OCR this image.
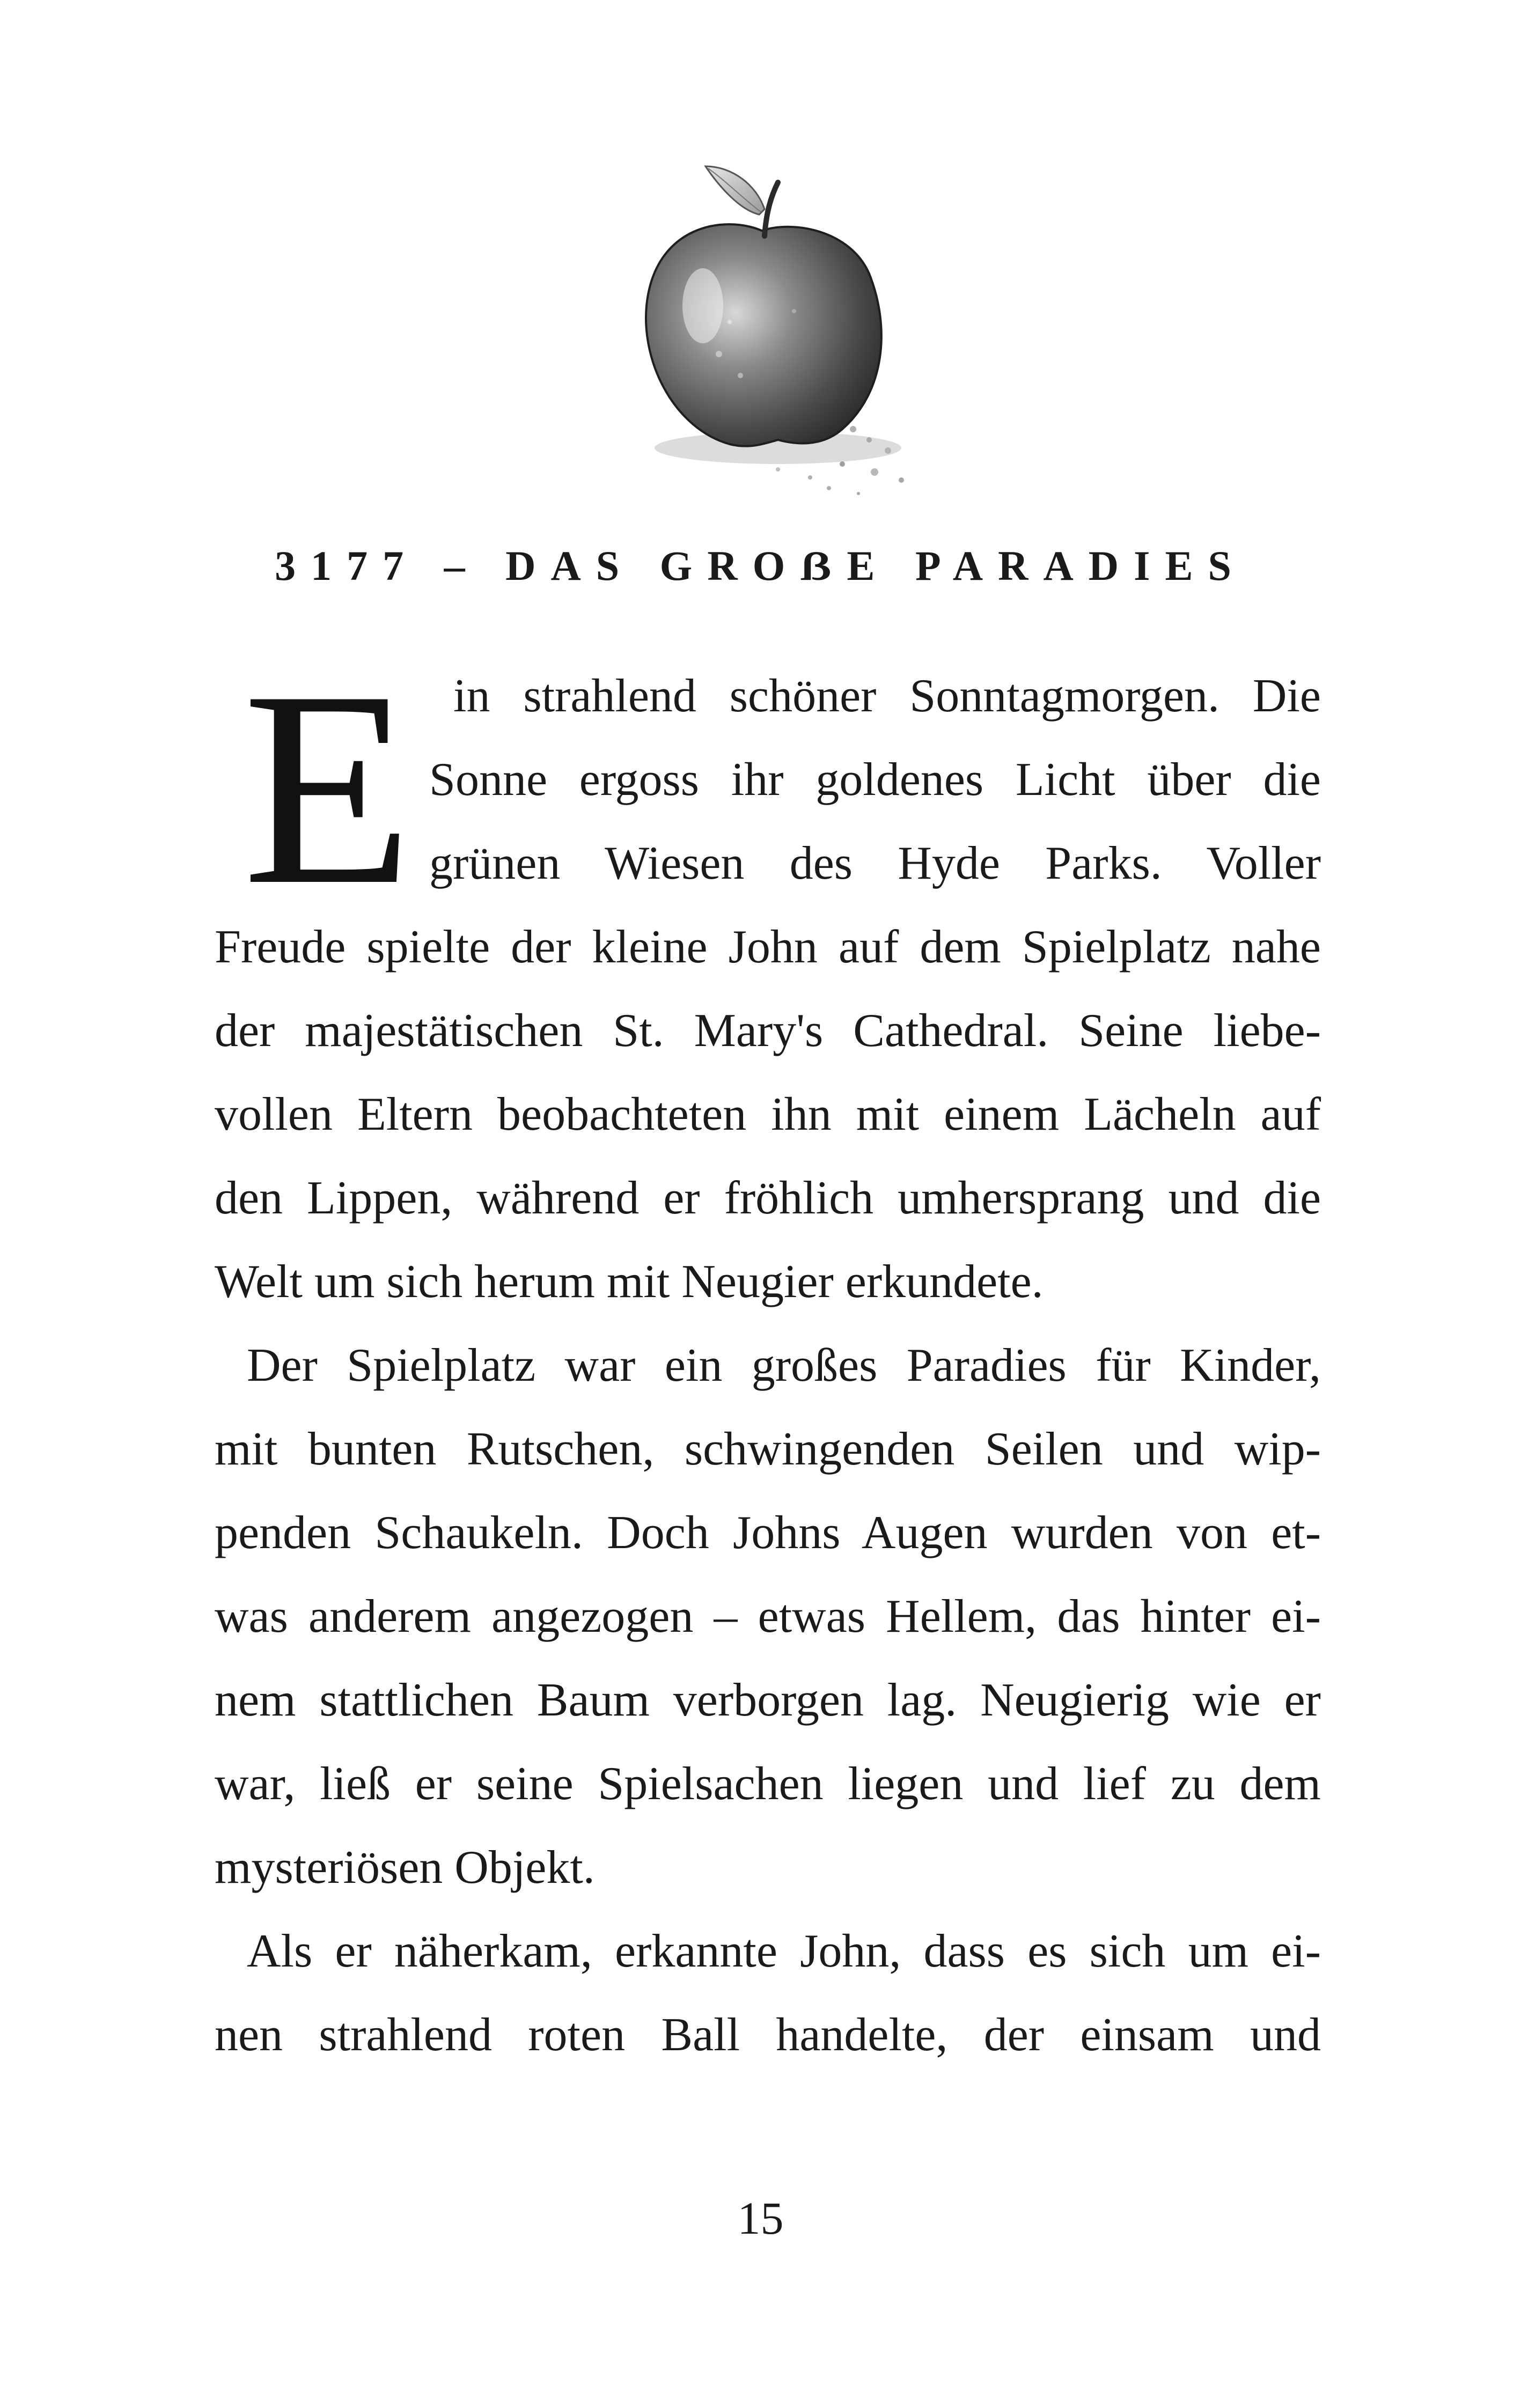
3177 – DAS GROẞE PARADIES
E in strahlend schöner Sonntagmorgen. Die
Sonne ergoss ihr goldenes Licht über die
grünen Wiesen des Hyde Parks. Voller
Freude spielte der kleine John auf dem Spielplatz nahe
der majestätischen St. Mary's Cathedral. Seine liebe-
vollen Eltern beobachteten ihn mit einem Lächeln auf
den Lippen, während er fröhlich umhersprang und die
Welt um sich herum mit Neugier erkundete.
Der Spielplatz war ein großes Paradies für Kinder,
mit bunten Rutschen, schwingenden Seilen und wip-
penden Schaukeln. Doch Johns Augen wurden von et-
was anderem angezogen – etwas Hellem, das hinter ei-
nem stattlichen Baum verborgen lag. Neugierig wie er
war, ließ er seine Spielsachen liegen und lief zu dem
mysteriösen Objekt.
Als er näherkam, erkannte John, dass es sich um ei-
nen strahlend roten Ball handelte, der einsam und
15
